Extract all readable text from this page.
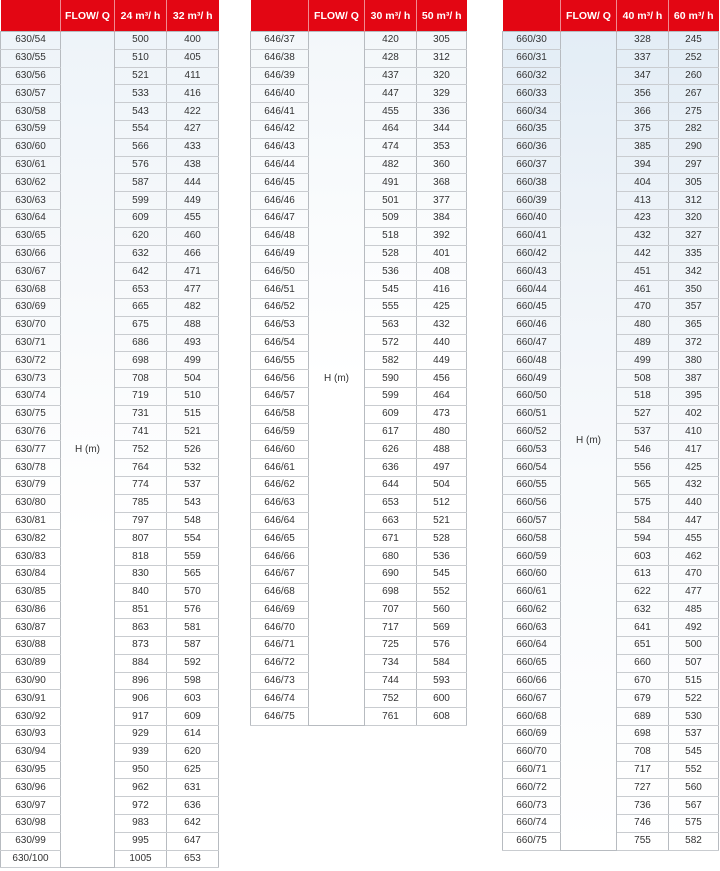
	FLOW/ Q	24 m³/ h	32 m³/ h
630/54	H (m)	500	400
630/55		510	405
630/56		521	411
630/57		533	416
630/58		543	422
630/59		554	427
630/60		566	433
630/61		576	438
630/62		587	444
630/63		599	449
630/64		609	455
630/65		620	460
630/66		632	466
630/67		642	471
630/68		653	477
630/69		665	482
630/70		675	488
630/71		686	493
630/72		698	499
630/73		708	504
630/74		719	510
630/75		731	515
630/76		741	521
630/77		752	526
630/78		764	532
630/79		774	537
630/80		785	543
630/81		797	548
630/82		807	554
630/83		818	559
630/84		830	565
630/85		840	570
630/86		851	576
630/87		863	581
630/88		873	587
630/89		884	592
630/90		896	598
630/91		906	603
630/92		917	609
630/93		929	614
630/94		939	620
630/95		950	625
630/96		962	631
630/97		972	636
630/98		983	642
630/99		995	647
630/100		1005	653
	FLOW/ Q	30 m³/ h	50 m³/ h
646/37	H (m)	420	305
646/38		428	312
646/39		437	320
646/40		447	329
646/41		455	336
646/42		464	344
646/43		474	353
646/44		482	360
646/45		491	368
646/46		501	377
646/47		509	384
646/48		518	392
646/49		528	401
646/50		536	408
646/51		545	416
646/52		555	425
646/53		563	432
646/54		572	440
646/55		582	449
646/56		590	456
646/57		599	464
646/58		609	473
646/59		617	480
646/60		626	488
646/61		636	497
646/62		644	504
646/63		653	512
646/64		663	521
646/65		671	528
646/66		680	536
646/67		690	545
646/68		698	552
646/69		707	560
646/70		717	569
646/71		725	576
646/72		734	584
646/73		744	593
646/74		752	600
646/75		761	608
	FLOW/ Q	40 m³/ h	60 m³/ h
660/30	H (m)	328	245
660/31		337	252
660/32		347	260
660/33		356	267
660/34		366	275
660/35		375	282
660/36		385	290
660/37		394	297
660/38		404	305
660/39		413	312
660/40		423	320
660/41		432	327
660/42		442	335
660/43		451	342
660/44		461	350
660/45		470	357
660/46		480	365
660/47		489	372
660/48		499	380
660/49		508	387
660/50		518	395
660/51		527	402
660/52		537	410
660/53		546	417
660/54		556	425
660/55		565	432
660/56		575	440
660/57		584	447
660/58		594	455
660/59		603	462
660/60		613	470
660/61		622	477
660/62		632	485
660/63		641	492
660/64		651	500
660/65		660	507
660/66		670	515
660/67		679	522
660/68		689	530
660/69		698	537
660/70		708	545
660/71		717	552
660/72		727	560
660/73		736	567
660/74		746	575
660/75		755	582
